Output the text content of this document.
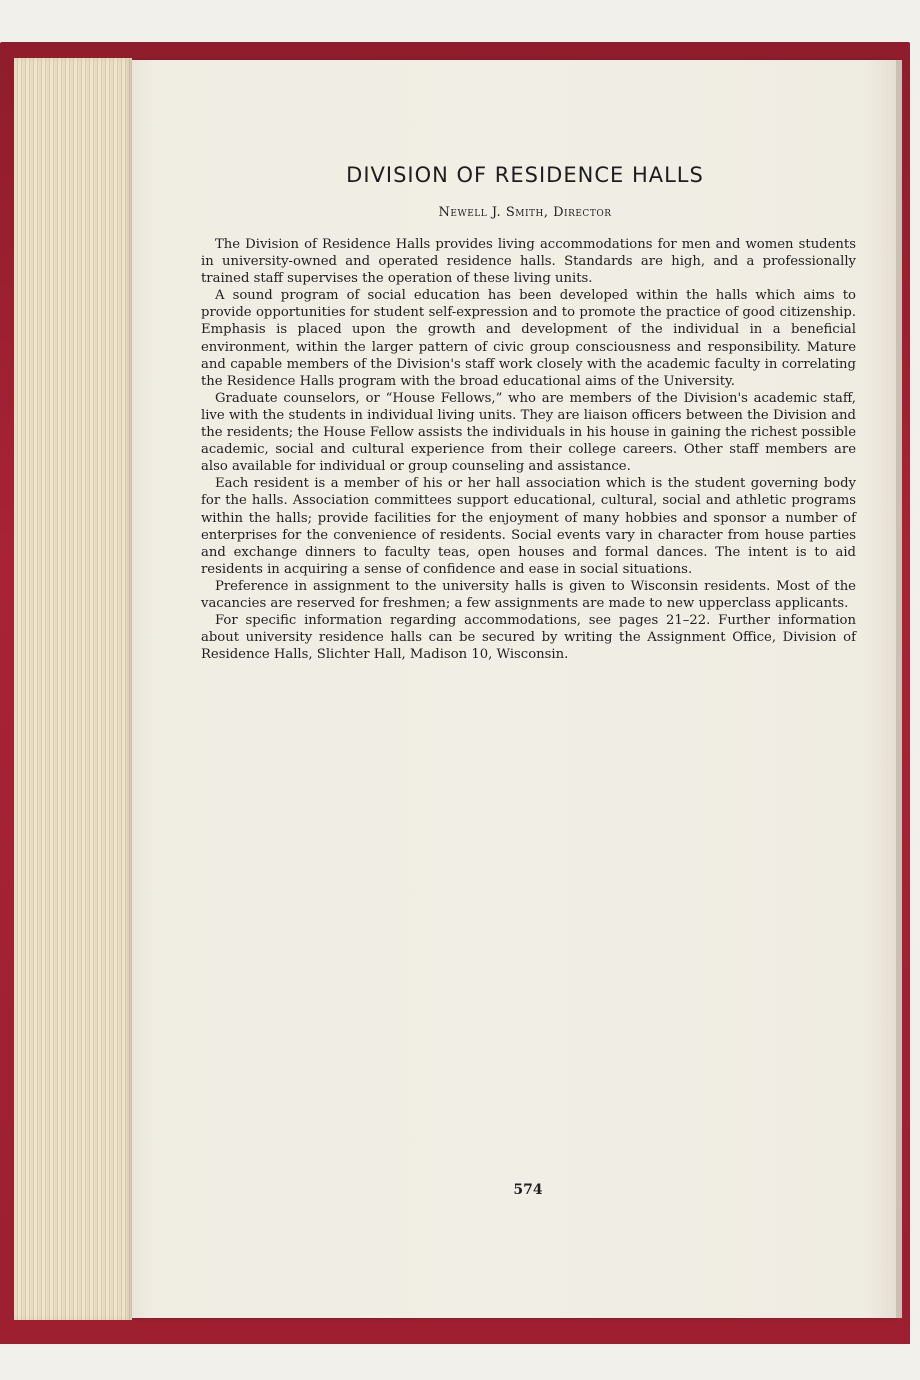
DIVISION OF RESIDENCE HALLS
Newell J. Smith, Director

The Division of Residence Halls provides living accommodations for men and women students in university-owned and operated residence halls. Standards are high, and a professionally trained staff supervises the operation of these living units.

A sound program of social education has been developed within the halls which aims to provide opportunities for student self-expression and to promote the practice of good citizenship. Emphasis is placed upon the growth and development of the individual in a beneficial environment, within the larger pattern of civic group consciousness and responsibility. Mature and capable members of the Division's staff work closely with the academic faculty in correlating the Residence Halls program with the broad educational aims of the University.

Graduate counselors, or “House Fellows,” who are members of the Division's academic staff, live with the students in individual living units. They are liaison officers between the Division and the residents; the House Fellow assists the individuals in his house in gaining the richest possible academic, social and cultural experience from their college careers. Other staff members are also available for individual or group counseling and assistance.

Each resident is a member of his or her hall association which is the student governing body for the halls. Association committees support educational, cultural, social and athletic programs within the halls; provide facilities for the enjoyment of many hobbies and sponsor a number of enterprises for the convenience of residents. Social events vary in character from house parties and exchange dinners to faculty teas, open houses and formal dances. The intent is to aid residents in acquiring a sense of confidence and ease in social situations.

Preference in assignment to the university halls is given to Wisconsin residents. Most of the vacancies are reserved for freshmen; a few assignments are made to new upperclass applicants.

For specific information regarding accommodations, see pages 21–22. Further information about university residence halls can be secured by writing the Assignment Office, Division of Residence Halls, Slichter Hall, Madison 10, Wisconsin.

574
